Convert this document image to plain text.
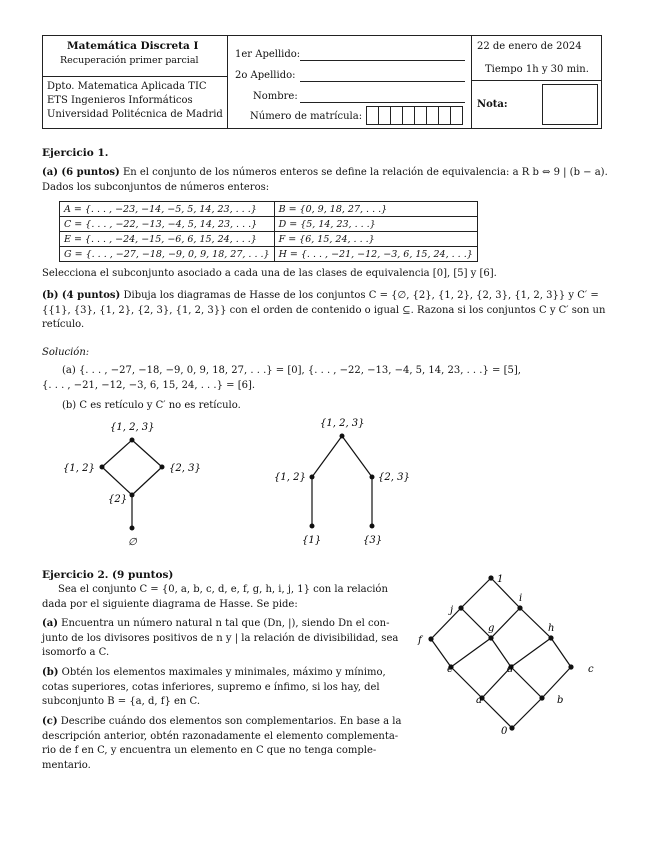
Matemática Discreta I
Recuperación primer parcial
Dpto. Matematica Aplicada TIC
ETS Ingenieros Informáticos
Universidad Politécnica de Madrid
1er Apellido:
2o Apellido:
Nombre:
Número de matrícula:
22 de enero de 2024
Tiempo 1h y 30 min.
Nota:
Ejercicio 1.

(a) (6 puntos) En el conjunto de los números enteros se define la relación de equivalencia: a R b ⇔ 9 | (b − a).
Dados los subconjuntos de números enteros:

A = {. . . , −23, −14, −5, 5, 14, 23, . . .}	B = {0, 9, 18, 27, . . .}
C = {. . . , −22, −13, −4, 5, 14, 23, . . .}	D = {5, 14, 23, . . .}
E = {. . . , −24, −15, −6, 6, 15, 24, . . .}	F = {6, 15, 24, . . .}
G = {. . . , −27, −18, −9, 0, 9, 18, 27, . . .}	H = {. . . , −21, −12, −3, 6, 15, 24, . . .}
Selecciona el subconjunto asociado a cada una de las clases de equivalencia [0], [5] y [6].

(b) (4 puntos) Dibuja los diagramas de Hasse de los conjuntos C = {∅, {2}, {1, 2}, {2, 3}, {1, 2, 3}} y C′ =
{{1}, {3}, {1, 2}, {2, 3}, {1, 2, 3}} con el orden de contenido o igual ⊆. Razona si los conjuntos C y C′ son un
retículo.

Solución:

(a) {. . . , −27, −18, −9, 0, 9, 18, 27, . . .} = [0], {. . . , −22, −13, −4, 5, 14, 23, . . .} = [5],
{. . . , −21, −12, −3, 6, 15, 24, . . .} = [6].

(b) C es retículo y C′ no es retículo.
{1, 2, 3}
{1, 2}	{2, 3}
{2}
∅
{1, 2, 3}
{1, 2}	{2, 3}
{1}	{3}
Ejercicio 2. (9 puntos)

Sea el conjunto C = {0, a, b, c, d, e, f, g, h, i, j, 1} con la relación
dada por el siguiente diagrama de Hasse. Se pide:

(a) Encuentra un número natural n tal que (Dn, |), siendo Dn el con-
junto de los divisores positivos de n y | la relación de divisibilidad, sea
isomorfo a C.

(b) Obtén los elementos maximales y minimales, máximo y mínimo,
cotas superiores, cotas inferiores, supremo e ínfimo, si los hay, del
subconjunto B = {a, d, f} en C.

(c) Describe cuándo dos elementos son complementarios. En base a la
descripción anterior, obtén razonadamente el elemento complementa-
rio de f en C, y encuentra un elemento en C que no tenga comple-
mentario.

1
j
i
f
g	h
e	d	c
a	b
0
